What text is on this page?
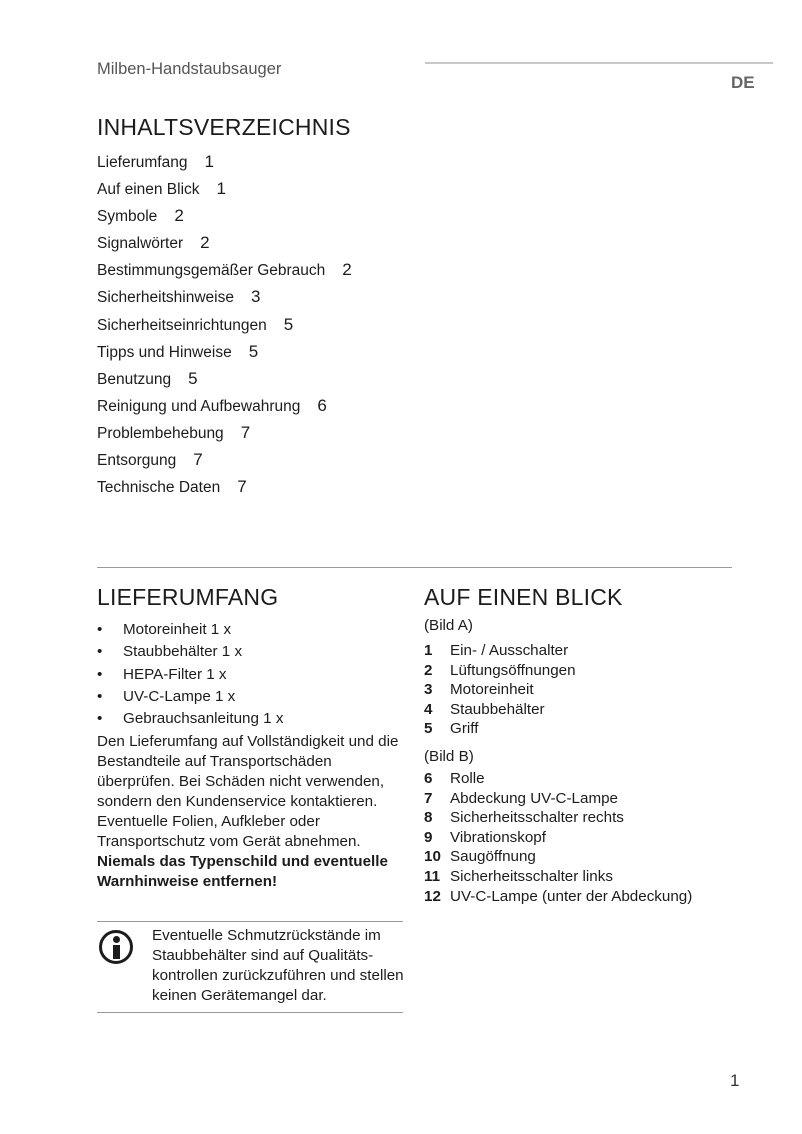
Milben-Handstaubsauger
DE
INHALTSVERZEICHNIS
Lieferumfang 1
Auf einen Blick 1
Symbole 2
Signalwörter 2
Bestimmungsgemäßer Gebrauch 2
Sicherheitshinweise 3
Sicherheitseinrichtungen 5
Tipps und Hinweise 5
Benutzung 5
Reinigung und Aufbewahrung 6
Problembehebung 7
Entsorgung 7
Technische Daten 7
LIEFERUMFANG
• Motoreinheit 1 x
• Staubbehälter 1 x
• HEPA-Filter 1 x
• UV-C-Lampe 1 x
• Gebrauchsanleitung 1 x

Den Lieferumfang auf Vollständigkeit und die Bestandteile auf Transportschäden überprüfen. Bei Schäden nicht verwenden, sondern den Kundenservice kontaktieren.

Eventuelle Folien, Aufkleber oder Transportschutz vom Gerät abnehmen.

Niemals das Typenschild und eventuelle Warnhinweise entfernen!

Eventuelle Schmutzrückstände im Staubbehälter sind auf Qualitätskontrollen zurückzuführen und stellen keinen Gerätemangel dar.

AUF EINEN BLICK
(Bild A)
1 Ein- / Ausschalter
2 Lüftungsöffnungen
3 Motoreinheit
4 Staubbehälter
5 Griff
(Bild B)
6 Rolle
7 Abdeckung UV-C-Lampe
8 Sicherheitsschalter rechts
9 Vibrationskopf
10 Saugöffnung
11 Sicherheitsschalter links
12 UV-C-Lampe (unter der Abdeckung)
1
